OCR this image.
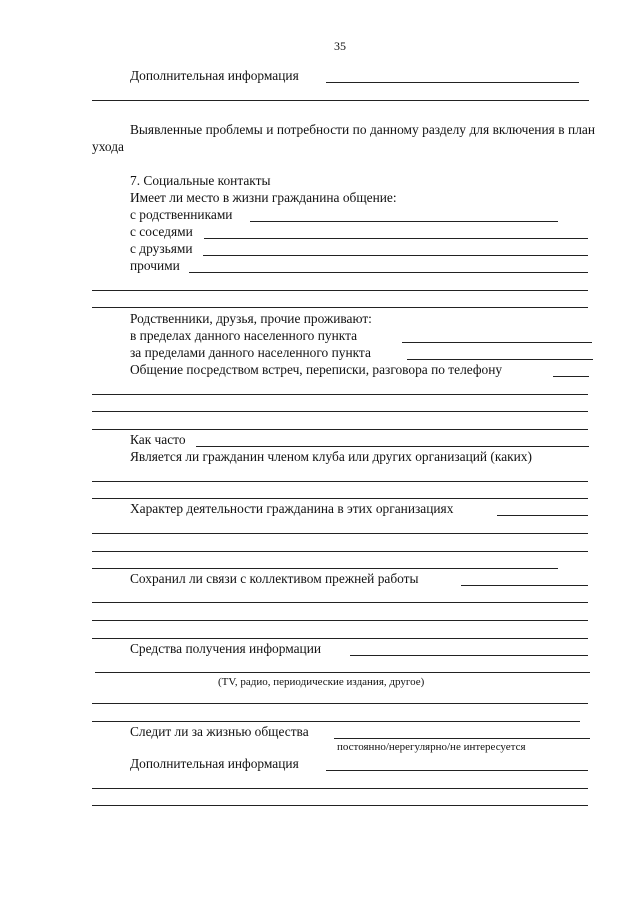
35
Дополнительная информация
Выявленные проблемы и потребности по данному разделу для включения в план ухода
7. Социальные контакты
Имеет ли место в жизни гражданина общение:
с родственниками
с соседями
с друзьями
прочими
Родственники, друзья, прочие проживают:
в пределах данного населенного пункта
за пределами данного населенного пункта
Общение посредством встреч, переписки, разговора по телефону
Как часто
Является ли гражданин членом клуба или других организаций (каких)
Характер деятельности гражданина в этих организациях
Сохранил ли связи с коллективом прежней работы
Средства получения информации
(TV, радио, периодические издания, другое)
Следит ли за жизнью общества
постоянно/нерегулярно/не интересуется
Дополнительная информация
